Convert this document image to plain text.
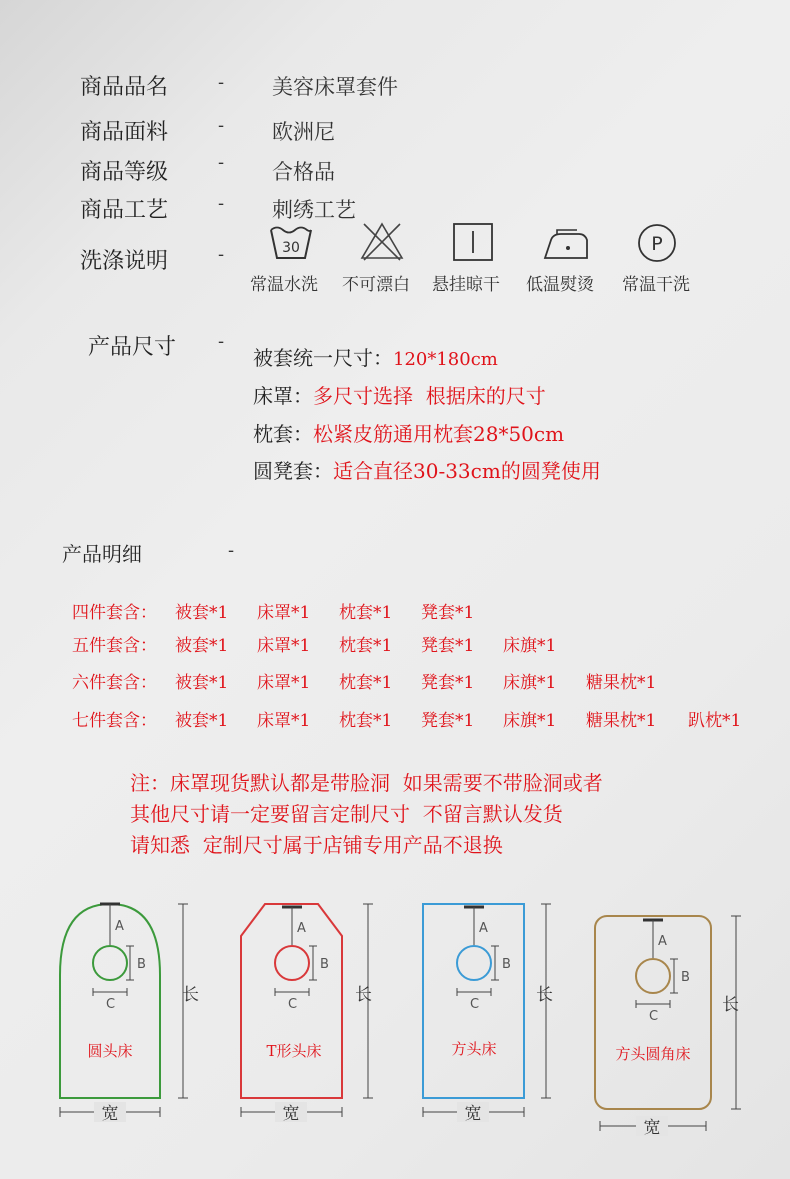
商品品名	- 美容床罩套件
商品面料	- 欧洲尼
商品等级	- 合格品
商品工艺	- 刺绣工艺
洗涤说明	-	30	P
常温水洗 不可漂白 悬挂晾干 低温熨烫 常温干洗
产品尺寸 -
被套统一尺寸：120*180cm
床罩：多尺寸选择  根据床的尺寸
枕套：松紧皮筋通用枕套28*50cm
圆凳套：适合直径30-33cm的圆凳使用
产品明细	-
四件套含： 被套*1 床罩*1 枕套*1 凳套*1
五件套含： 被套*1 床罩*1 枕套*1 凳套*1 床旗*1
六件套含： 被套*1 床罩*1 枕套*1 凳套*1 床旗*1 糖果枕*1
七件套含： 被套*1 床罩*1 枕套*1 凳套*1 床旗*1 糖果枕*1 趴枕*1
注：床罩现货默认都是带脸洞  如果需要不带脸洞或者
其他尺寸请一定要留言定制尺寸  不留言默认发货
请知悉  定制尺寸属于店铺专用产品不退换
A
B
C
圆头床
长
宽
A
B
C
T形头床
长
宽
A
B
C
方头床
长
宽
A
B
C
方头圆角床
长
宽
